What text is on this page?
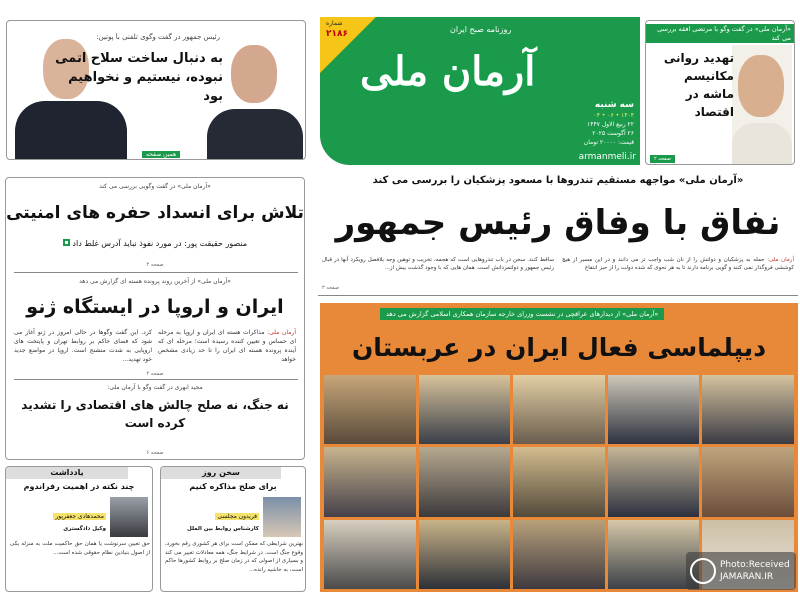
رئیس جمهور در گفت وگوی تلفنی با پوتین:
به دنبال ساخت سلاح اتمی
نبوده، نیستیم و نخواهیم بود
همین صفحه
شماره
۲۱۸۶	روزنامه صبح ایران
آرمان ملی
سه شنبه
۱۴۰۴ • ۰۶ • ۰۴
۲۲ ربیع الاول ۱۴۴۷
۲۶ آگوست ۲۰۲۵
قیمت: ۲۰۰۰۰ تومان
armanmeli.ir
«آرمان ملی» در گفت وگو با مرتضی افقه بررسی می کند
تهدید روانی مکانیسم ماشه در اقتصاد
صفحه ۲
«آرمان ملی» مواجهه مستقیم تندروها با مسعود پزشکیان را بررسی می کند
نفاق با وفاق رئیس جمهور
آرمان ملی: حمله به پزشکیان و دولتش را از نان شب واجب تر می دانند و در این مسیر از هیچ کوششی فروگذار نمی کنند و گویی برنامه دارند تا به هر نحوی که شده دولت را از حیز انتفاع
ساقط کنند. سخن در باب تندروهایی است که هجمه، تخریب و توهین وجه بلافصل رویکرد آنها در قبال رئیس جمهور و دولتمردانش است. همان هایی که با وجود گذشت بیش از...
صفحه ۳
«آرمان ملی» از دیدارهای عراقچی در نشست وزرای خارجه سازمان همکاری اسلامی گزارش می دهد
دیپلماسی فعال ایران در عربستان
«آرمان ملی» در گفت وگویی بررسی می کند
تلاش برای انسداد حفره های امنیتی
منصور حقیقت پور: در مورد نفوذ نباید آدرس غلط داد
صفحه ۴
«آرمان ملی» از آخرین روند پرونده هسته ای گزارش می دهد
ایران و اروپا در ایستگاه ژنو
آرمان ملی: مذاکرات هسته ای ایران و اروپا به مرحله ای حساس و تعیین کننده رسیده است؛ مرحله ای که آینده پرونده هسته ای ایران را تا حد زیادی مشخص خواهد
کرد. این گفت وگوها در حالی امروز در ژنو آغاز می شود که فضای حاکم بر روابط تهران و پایتخت های اروپایی به شدت متشنج است. اروپا در مواضع جدید خود تهدید...
صفحه ۴
مجید ابهری در گفت وگو با آرمان ملی:
نه جنگ، نه صلح چالش های اقتصادی را تشدید کرده است
صفحه ۶
سخن روز
برای صلح مذاکره کنیم
فریدون مجلسی
کارشناس روابط بین الملل
بهترین شرایطی که ممکن است برای هر کشوری رقم بخورد، وقوع جنگ است. در شرایط جنگ، همه معادلات تغییر می کند و بسیاری از اصولی که در زمان صلح بر روابط کشورها حاکم است، به حاشیه رانده...
یادداشت
چند نکته در اهمیت رفراندوم
محمدهادی جعفرپور
وکیل دادگستری
حق تعیین سرنوشت یا همان حق حاکمیت ملت به منزله یکی از اصول بنیادین نظام حقوقی شده است...
Photo:Received
JAMARAN.IR
